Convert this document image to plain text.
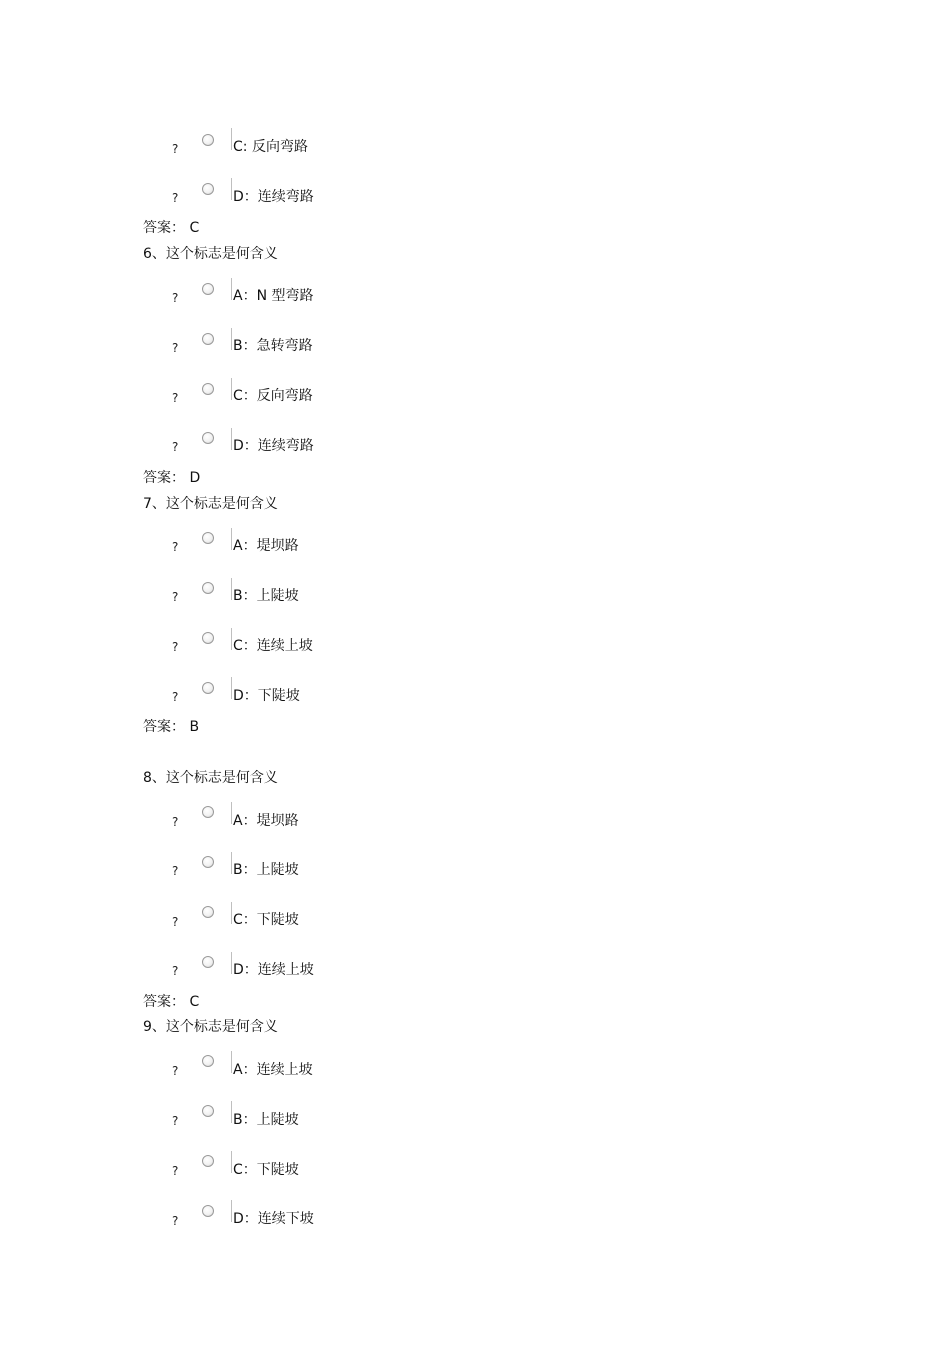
?	C: 反向弯路
?	D：连续弯路
答案： C
6、这个标志是何含义
?	A：N 型弯路
?	B：急转弯路
?	C：反向弯路
?	D：连续弯路
答案： D
7、这个标志是何含义
?	A：堤坝路
?	B：上陡坡
?	C：连续上坡
?	D：下陡坡
答案： B
8、这个标志是何含义
?	A：堤坝路
?	B：上陡坡
?	C：下陡坡
?	D：连续上坡
答案： C
9、这个标志是何含义
?	A：连续上坡
?	B：上陡坡
?	C：下陡坡
?	D：连续下坡
